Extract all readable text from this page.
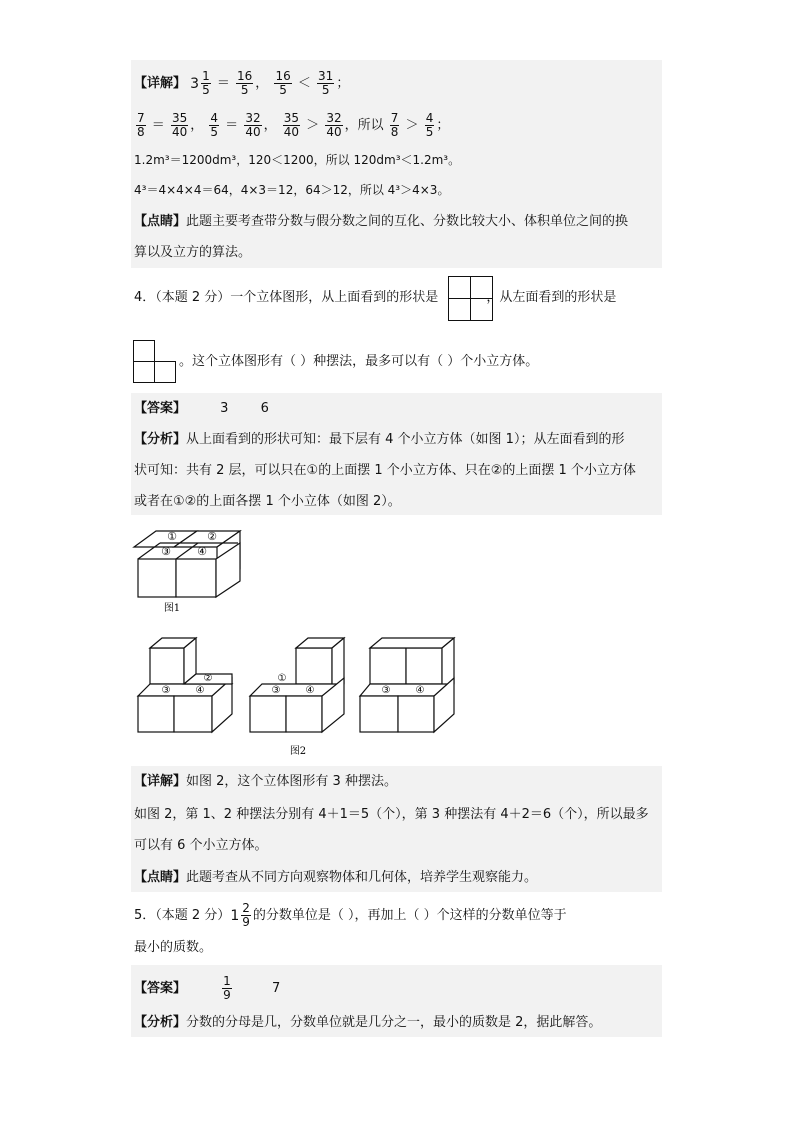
【详解】 $3 \frac{1}{5} = \frac{16}{5}$ ， $\frac{16}{5} < \frac{31}{5}$ ；
$\frac{7}{8} = \frac{35}{40}$ ， $\frac{4}{5} = \frac{32}{40}$ ， $\frac{35}{40} > \frac{32}{40}$ ，所以 $\frac{7}{8} > \frac{4}{5}$ ；
1.2m³＝1200dm³，120＜1200，所以 120dm³＜1.2m³。
4³＝4×4×4＝64，4×3＝12，64＞12，所以 4³＞4×3。
【点睛】此题主要考查带分数与假分数之间的互化、分数比较大小、体积单位之间的换
算以及立方的算法。
4．（本题 2 分）一个立体图形，从上面看到的形状是	，从左面看到的形状是
。这个立体图形有（ ）种摆法，最多可以有（ ）个小立方体。
【答案】	3 6
【分析】从上面看到的形状可知：最下层有 4 个小立方体（如图 1）；从左面看到的形
状可知：共有 2 层，可以只在①的上面摆 1 个小立方体、只在②的上面摆 1 个小立方体
或者在①②的上面各摆 1 个小立体（如图 2）。
①	②
③ ④
图1
②
③	④
①
③	④	③	④
图2
【详解】如图 2，这个立体图形有 3 种摆法。
如图 2，第 1、2 种摆法分别有 4＋1＝5（个），第 3 种摆法有 4＋2＝6（个），所以最多
可以有 6 个小立方体。
【点睛】此题考查从不同方向观察物体和几何体，培养学生观察能力。
5．（本题 2 分）$1 \frac{2}{9}$ 的分数单位是（ ），再加上（ ）个这样的分数单位等于
最小的质数。
【答案】	$\frac{1}{9}$	7
【分析】分数的分母是几，分数单位就是几分之一，最小的质数是 2，据此解答。
